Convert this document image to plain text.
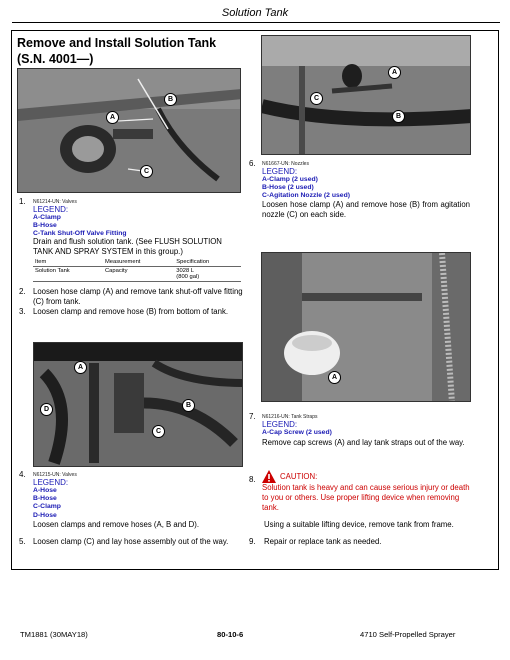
Solution Tank
Remove and Install Solution Tank (S.N. 4001—)
B
A
C
1. N61214-UN: Valves
LEGEND:
A-Clamp
B-Hose
C-Tank Shut-Off Valve Fitting
Drain and flush solution tank. (See FLUSH SOLUTION TANK AND SPRAY SYSTEM in this group.)
Item	Measurement	Specification
Solution Tank	Capacity	3028 L
(800 gal)
2. Loosen hose clamp (A) and remove tank shut-off valve fitting (C) from tank.
3. Loosen clamp and remove hose (B) from bottom of tank.
A
D
B
C
4. N61215-UN: Valves
LEGEND:
A-Hose
B-Hose
C-Clamp
D-Hose
Loosen clamps and remove hoses (A, B and D).
5. Loosen clamp (C) and lay hose assembly out of the way.
A
C
B
6. N61667-UN: Nozzles
LEGEND:
A-Clamp (2 used)
B-Hose (2 used)
C-Agitation Nozzle (2 used)
Loosen hose clamp (A) and remove hose (B) from agitation nozzle (C) on each side.
A
7. N61216-UN: Tank Straps
LEGEND:
A-Cap Screw (2 used)
Remove cap screws (A) and lay tank straps out of the way.
8.	CAUTION:
Solution tank is heavy and can cause serious injury or death to you or others. Use proper lifting device when removing tank.
Using a suitable lifting device, remove tank from frame.
9. Repair or replace tank as needed.
TM1881 (30MAY18)	80-10-6	4710 Self-Propelled Sprayer
